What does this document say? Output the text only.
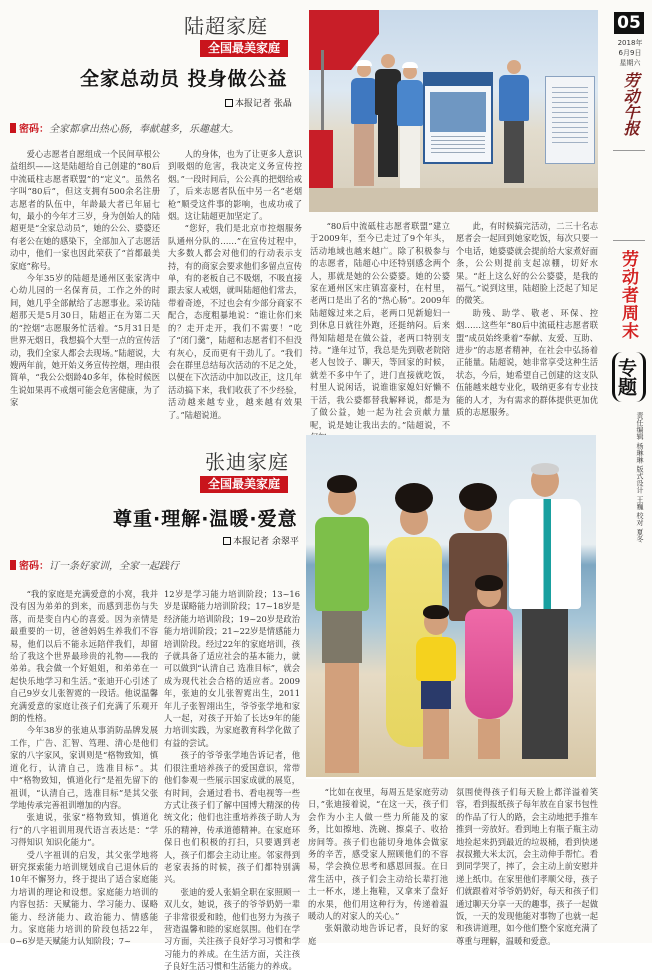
05
2018年
6月9日
星期六
劳动午报
劳动者周末
专题
责任编辑 杨琳琳 版式设计 王巍 校对 夏冬
陆超家庭
全国最美家庭
全家总动员 投身做公益
本报记者 张晶
密码：全家都拿出热心肠，奉献越多，乐趣越大。

爱心志愿者自愿组成一个民间草根公益组织——这是陆超给自己创建的“80后中流砥柱志愿者联盟”的“定义”。虽然名字叫“80后”，但这支拥有500余名注册志愿者的队伍中，年龄最大者已年届七旬，最小的今年才三岁，身为创始人的陆超更是“全家总动员”，她的公公、婆婆还有老公在她的感染下，全部加入了志愿活动中，他们一家也因此荣获了“首都最美家庭”称号。

今年35岁的陆超是通州区张家湾中心幼儿园的一名保育员，工作之外的时间，她几乎全部献给了志愿事业。采访陆超那天是5月30日，陆超正在为第二天的“控烟”志愿服务忙活着。“5月31日是世界无烟日，我想搞个大型一点的宣传活动，我们全家人都会去现场。”陆超说，大嫂两年前，她开始义务宣传控烟，理由很简单，“我公公烟龄40多年，体检时候医生说如果再不戒烟可能会危害健康，为了家

人的身体，也为了让更多人意识到吸烟的危害，我决定义务宣传控烟。”一段时间后，公公真的把烟给戒了，后来志愿者队伍中另一名“老烟枪”顺受这件事的影响，也成功戒了烟。这让陆超更加坚定了。

“您好，我们是北京市控烟服务队通州分队的……”在宣传过程中，大多数人都会对他们的行动表示支持，有的商家会要求他们多留点宣传单，有的老板自己不吸烟，不吸直接跟去家人戒烟，就叫陆超他们常去，带着奇迹，不过也会有少部分商家不配合，态度粗暴地说：“谁让你们来的？走开走开，我们不需要！”吃了“闭门羹”，陆超和志愿者们不但没有灰心，反而更有干劲儿了。“我们会在群里总结每次活动的不足之处，以便在下次活动中加以改正，这几年活动搞下来，我们收获了不少经验，活动越来越专业，越来越有效果了。”陆超说道。

“80后中流砥柱志愿者联盟”建立于2009年，至今已走过了9个年头，活动地域也越来越广。除了积极参与的志愿者，陆超心中还特别感念两个人，那就是她的公公婆婆。她的公婆家在通州区宋庄镇富豪村，在村里，老两口是出了名的“热心肠”。2009年陆超嫁过来之后，老两口见新媳妇一到休息日就往外跑，还挺纳闷。后来得知陆超是在做公益，老两口特别支持。“逢年过节，我总是先到敬老院陪老人包饺子、聊天，等回家的时候，就差不多中午了，进门直接就吃饭，村里人说闲话，说谁谁家媳妇好懒不干活，我公婆都替我解释说，都是为了做公益，她一起为社会贡献力量呢，说是她让我出去的。”陆超说，不

此，有时候搞完活动，二三十名志愿者会一起回到她家吃饭，每次只要一个电话，她婆婆就会提前给大家煮好面条，公公则提前支起凉棚，切好水果。“赶上这么好的公公婆婆，是我的福气。”说到这里，陆超脸上泛起了知足的微笑。

助残、助学、敬老、环保、控烟……这些年“80后中流砥柱志愿者联盟”成员始终秉着“奉献、友爱、互助、进步”的志愿者精神，在社会中弘扬着正能量。陆超说，她非常享受这种生活状态，今后，她希望自己创建的这支队伍能越来越专业化，吸纳更多有专业技能的人才，为有需求的群体提供更加优质的志愿服务。

张迪家庭
全国最美家庭
尊重·理解·温暖·爱意
本报记者 余翠平
密码：订一条好家训，全家一起践行

“我的家庭是充满爱意的小窝，我并没有因为弟弟的到来，而感到悲伤与失落，而是变自内心的喜爱。因为亲情是最重要的一切，爸爸妈妈生养我们不容易，他们以后不能永远陪伴我们，却留给了我这个世界最珍贵的礼物——我的弟弟。我会做一个好姐姐，和弟弟在一起快乐地学习和生活。”张迪开心引述了自己9岁女儿张智霓的一段话。他说温馨充满爱意的家庭让孩子们充满了乐观开朗的性格。

今年38岁的张迪从事消防品牌发展工作，广告、汇智、笃理、清心是他们家的八字家风，家训则是“格物致知，慎道化行，认清自己，选准目标”。其中“格物致知，慎道化行”是祖先留下的祖训，“认清自己，选准目标”是其父张学地传承完善祖训增加的内容。

张迪说，张家“格物致知，慎道化行”的八字祖训用现代语言表达是：“学习得知识 知识化能力”。

受八字祖训的启发，其父张学地将研究探索能力培训规划成自己退休后的10年不懈努力，终于提出了适合家庭能力培训的理论和设想。家庭能力培训的内容包括：天赋能力、学习能力、谋略能力、经济能力、政治能力、情感能力。家庭能力培训的阶段包括22年，0~6岁是天赋能力认知阶段；7~

12岁是学习能力培训阶段；13~16岁是谋略能力培训阶段；17~18岁是经济能力培训阶段；19~20岁是政治能力培训阶段；21~22岁是情感能力培训阶段。经过22年的家庭培训，孩子就具备了适应社会的基本能力，就可以做到“认清自己 选准目标”，就会成为现代社会合格的适应者。2009年，张迪的女儿张智霓出生，2011年儿子张智翊出生，爷爷张学地和家人一起，对孩子开始了长达9年的能力培训实践，为家庭教育科学化做了有益的尝试。

孩子的爷爷张学地告诉记者，他们很注重培养孩子的爱国意识，常带他们参观一些展示国家成就的展览，有时间，会通过看书、看电视等一些方式让孩子们了解中国博大精深的传统文化；他们也注重培养孩子助人为乐的精神，传承道德精神。在家庭环保日也们积极的打扫，只要遇到老人，孩子们都会主动让座。邻家得到老家表扬的时候，孩子们都特别满兴。

张迪的爱人张娟全职在家照顾一双儿女，她说，孩子的爷爷奶奶一辈子非常很爱和睦，他们也努力为孩子营造温馨和睦的家庭氛围。他们在学习方面，关注孩子良好学习习惯和学习能力的养成。在生活方面，关注孩子良好生活习惯和生活能力的养成。

“比如在夜里，每周五是家庭劳动日，”张迪接着说，“在这一天，孩子们会作为小主人做一些力所能及的家务，比如擦地、洗碗、擦桌子、收拾房间等。孩子们也能切身地体会做家务的辛苦，感受家人照顾他们的不容易，学会换位思考和感恩回报。在日常生活中，孩子们会主动给长辈打池土一杯水，递上拖鞋，又拿来了盘好的水果，他们用这种行为，传递着温暖动人的对家人的关心。”

张娟激动地告诉记者，良好的家庭

氛围使得孩子们每天脸上都洋溢着笑容，看到报纸孩子每年放在自家书包性的作品了行人的路，会主动地把手推车推到一旁放好。看到地上有瓶子瓶主动地捡起来扔到最近的垃圾桶，看到快递叔叔搬大米太沉，会主动伸手帮忙。看到同学哭了，摔了，会主动上前安慰并递上纸巾。在家里他们孝顺父母，孩子们就跟着对爷爷奶奶好，每天和孩子们通过聊天分享一天的趣事，孩子一起做饭，一天的发现他能对事物了也就一起和孩讲道理，如今他们整个家庭充满了尊重与理解，温暖和爱意。
